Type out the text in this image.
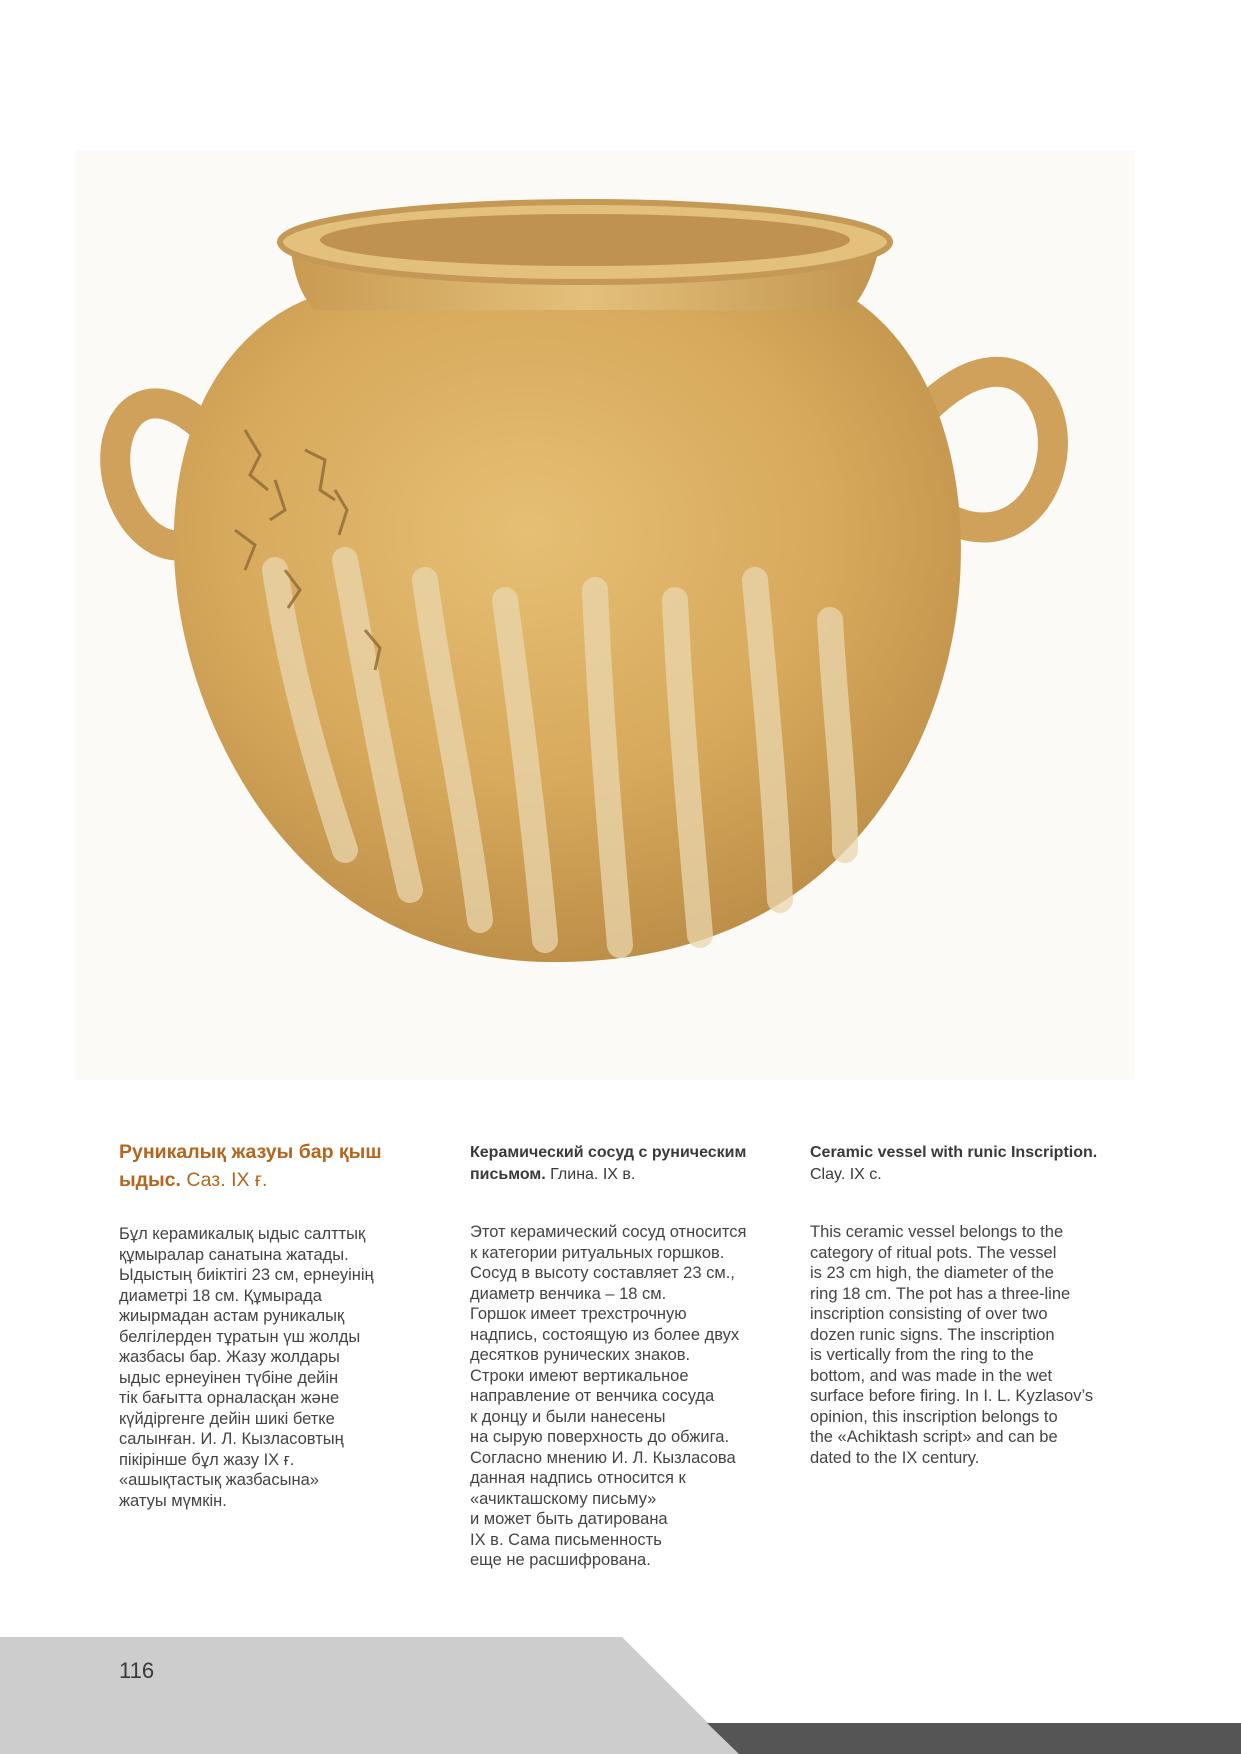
Руникалық жазуы бар қыш ыдыс. Саз. IX ғ.

Бұл керамикалық ыдыс салттық
құмыралар санатына жатады.
Ыдыстың биіктігі 23 см, ернеуінің
диаметрі 18 см. Құмырада
жиырмадан астам руникалық
белгілерден тұратын үш жолды
жазбасы бар. Жазу жолдары
ыдыс ернеуінен түбіне дейін
тік бағытта орналасқан және
күйдіргенге дейін шикі бетке
салынған. И. Л. Кызласовтың
пікірінше бұл жазу IX ғ.
«ашықтастық жазбасына»
жатуы мүмкін.

Керамический сосуд с руническим письмом. Глина. IX в.

Этот керамический сосуд относится
к категории ритуальных горшков.
Сосуд в высоту составляет 23 см.,
диаметр венчика – 18 см.
Горшок имеет трехстрочную
надпись, состоящую из более двух
десятков рунических знаков.
Строки имеют вертикальное
направление от венчика сосуда
к донцу и были нанесены
на сырую поверхность до обжига.
Согласно мнению И. Л. Кызласова
данная надпись относится к
«ачикташскому письму»
и может быть датирована
IX в. Сама письменность
еще не расшифрована.

Ceramic vessel with runic Inscription. Clay. IX c.

This ceramic vessel belongs to the
category of ritual pots. The vessel
is 23 cm high, the diameter of the
ring 18 cm. The pot has a three-line
inscription consisting of over two
dozen runic signs. The inscription
is vertically from the ring to the
bottom, and was made in the wet
surface before firing. In I. L. Kyzlasov’s
opinion, this inscription belongs to
the «Achiktash script» and can be
dated to the IX century.

116
